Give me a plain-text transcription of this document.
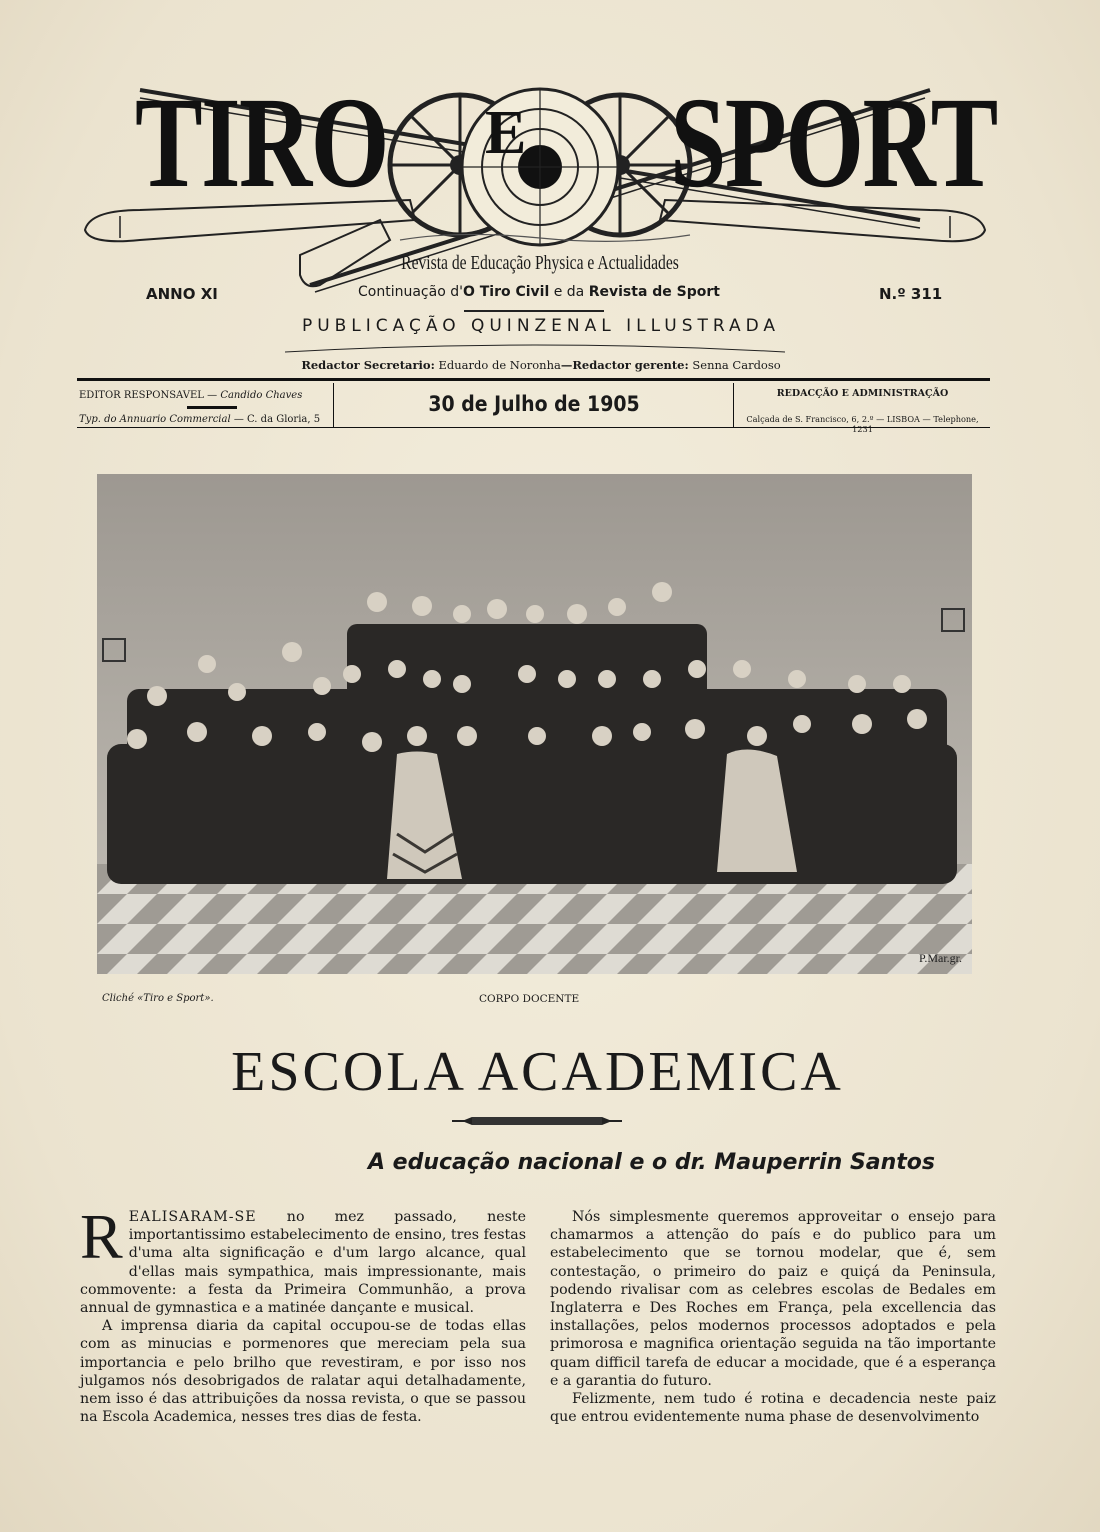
TIRO E SPORT
Revista de Educação Physica e Actualidades
Continuação d'O Tiro Civil e da Revista de Sport
ANNO XI	N.º 311
PUBLICAÇÃO QUINZENAL ILLUSTRADA
Redactor Secretario: Eduardo de Noronha—Redactor gerente: Senna Cardoso
EDITOR RESPONSAVEL — Candido Chaves
Typ. do Annuario Commercial — C. da Gloria, 5
30 de Julho de 1905	REDACÇÃO E ADMINISTRAÇÃO
Calçada de S. Francisco, 6, 2.º — LISBOA — Telephone, 1231
P.Mar.gr.
Cliché «Tiro e Sport».	CORPO DOCENTE
ESCOLA ACADEMICA
A educação nacional e o dr. Mauperrin Santos

REALISARAM-SE no mez passado, neste importantissimo estabelecimento de ensino, tres festas d'uma alta significação e d'um largo alcance, qual d'ellas mais sympathica, mais impressionante, mais commovente: a festa da Primeira Communhão, a prova annual de gymnastica e a matinée dançante e musical.

A imprensa diaria da capital occupou-se de todas ellas com as minucias e pormenores que mereciam pela sua importancia e pelo brilho que revestiram, e por isso nos julgamos nós desobrigados de ralatar aqui detalhadamente, nem isso é das attribuições da nossa revista, o que se passou na Escola Academica, nesses tres dias de festa.

Nós simplesmente queremos approveitar o ensejo para chamarmos a attenção do país e do publico para um estabelecimento que se tornou modelar, que é, sem contestação, o primeiro do paiz e quiçá da Peninsula, podendo rivalisar com as celebres escolas de Bedales em Inglaterra e Des Roches em França, pela excellencia das installações, pelos modernos processos adoptados e pela primorosa e magnifica orientação seguida na tão importante quam difficil tarefa de educar a mocidade, que é a esperança e a garantia do futuro.

Felizmente, nem tudo é rotina e decadencia neste paiz que entrou evidentemente numa phase de desenvolvimento
